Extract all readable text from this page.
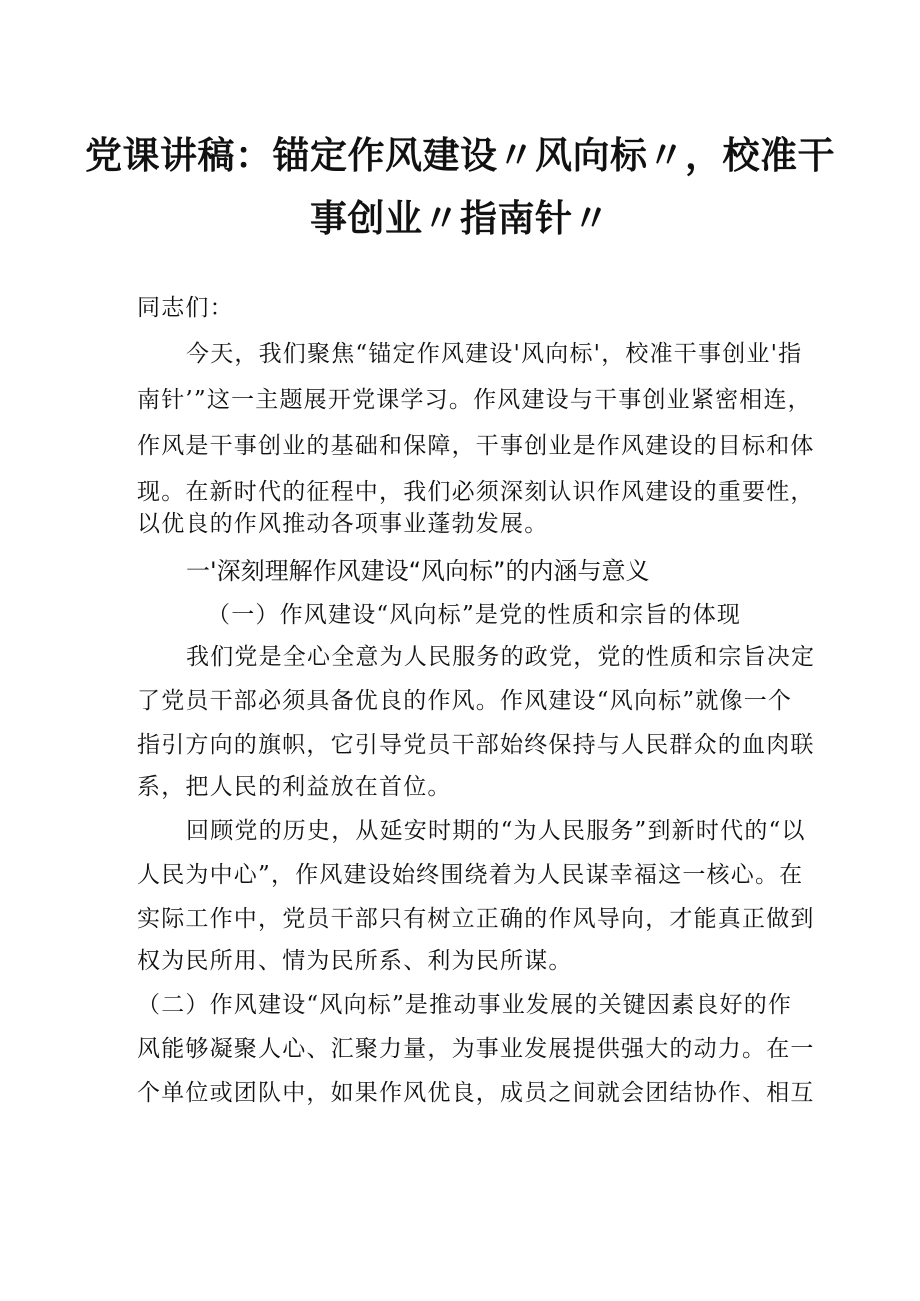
党课讲稿：锚定作风建设〃风向标〃，校准干
事创业〃指南针〃
同志们：
今天，我们聚焦“锚定作风建设'风向标'，校准干事创业'指
南针’”这一主题展开党课学习。作风建设与干事创业紧密相连，
作风是干事创业的基础和保障，干事创业是作风建设的目标和体
现。在新时代的征程中，我们必须深刻认识作风建设的重要性，
以优良的作风推动各项事业蓬勃发展。
一'深刻理解作风建设“风向标”的内涵与意义
（一）作风建设“风向标”是党的性质和宗旨的体现
我们党是全心全意为人民服务的政党，党的性质和宗旨决定
了党员干部必须具备优良的作风。作风建设“风向标”就像一个
指引方向的旗帜，它引导党员干部始终保持与人民群众的血肉联
系，把人民的利益放在首位。
回顾党的历史，从延安时期的“为人民服务”到新时代的“以
人民为中心”，作风建设始终围绕着为人民谋幸福这一核心。在
实际工作中，党员干部只有树立正确的作风导向，才能真正做到
权为民所用、情为民所系、利为民所谋。
（二）作风建设“风向标”是推动事业发展的关键因素良好的作
风能够凝聚人心、汇聚力量，为事业发展提供强大的动力。在一
个单位或团队中，如果作风优良，成员之间就会团结协作、相互
